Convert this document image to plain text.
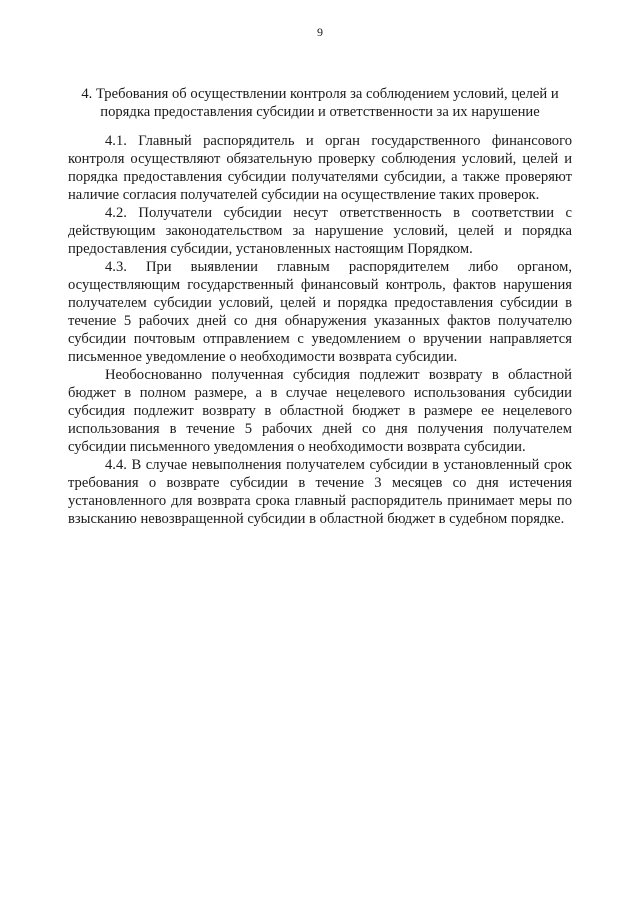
9
4. Требования об осуществлении контроля за соблюдением условий, целей и порядка предоставления субсидии и ответственности за их нарушение

4.1. Главный распорядитель и орган государственного финансового контроля осуществляют обязательную проверку соблюдения условий, целей и порядка предоставления субсидии получателями субсидии, а также проверяют наличие согласия получателей субсидии на осуществление таких проверок.

4.2. Получатели субсидии несут ответственность в соответствии с действующим законодательством за нарушение условий, целей и порядка предоставления субсидии, установленных настоящим Порядком.

4.3. При выявлении главным распорядителем либо органом, осуществляющим государственный финансовый контроль, фактов нарушения получателем субсидии условий, целей и порядка предоставления субсидии в течение 5 рабочих дней со дня обнаружения указанных фактов получателю субсидии почтовым отправлением с уведомлением о вручении направляется письменное уведомление о необходимости возврата субсидии.

Необоснованно полученная субсидия подлежит возврату в областной бюджет в полном размере, а в случае нецелевого использования субсидии субсидия подлежит возврату в областной бюджет в размере ее нецелевого использования в течение 5 рабочих дней со дня получения получателем субсидии письменного уведомления о необходимости возврата субсидии.

4.4. В случае невыполнения получателем субсидии в установленный срок требования о возврате субсидии в течение 3 месяцев со дня истечения установленного для возврата срока главный распорядитель принимает меры по взысканию невозвращенной субсидии в областной бюджет в судебном порядке.
